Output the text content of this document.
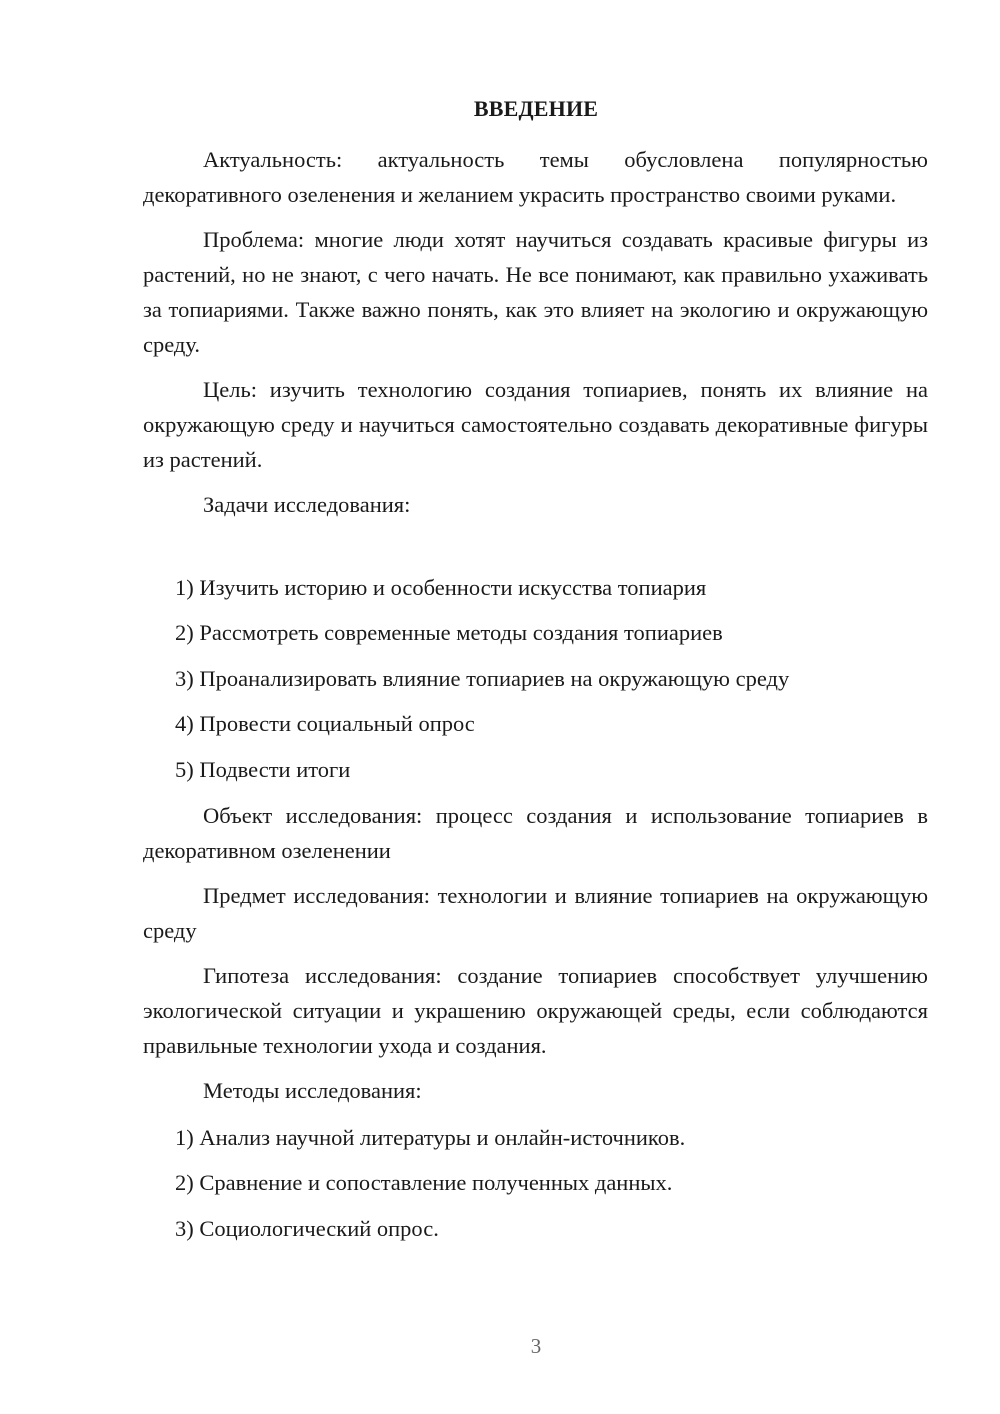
ВВЕДЕНИЕ

Актуальность: актуальность темы обусловлена популярностью декоративного озеленения и желанием украсить пространство своими руками.

Проблема: многие люди хотят научиться создавать красивые фигуры из растений, но не знают, с чего начать. Не все понимают, как правильно ухаживать за топиариями. Также важно понять, как это влияет на экологию и окружающую среду.

Цель: изучить технологию создания топиариев, понять их влияние на окружающую среду и научиться самостоятельно создавать декоративные фигуры из растений.

Задачи исследования:

1) Изучить историю и особенности искусства топиария
2) Рассмотреть современные методы создания топиариев
3) Проанализировать влияние топиариев на окружающую среду
4) Провести социальный опрос
5) Подвести итоги

Объект исследования: процесс создания и использование топиариев в декоративном озеленении

Предмет исследования: технологии и влияние топиариев на окружающую среду

Гипотеза исследования: создание топиариев способствует улучшению экологической ситуации и украшению окружающей среды, если соблюдаются правильные технологии ухода и создания.

Методы исследования:

1) Анализ научной литературы и онлайн-источников.
2) Сравнение и сопоставление полученных данных.
3) Социологический опрос.
3
